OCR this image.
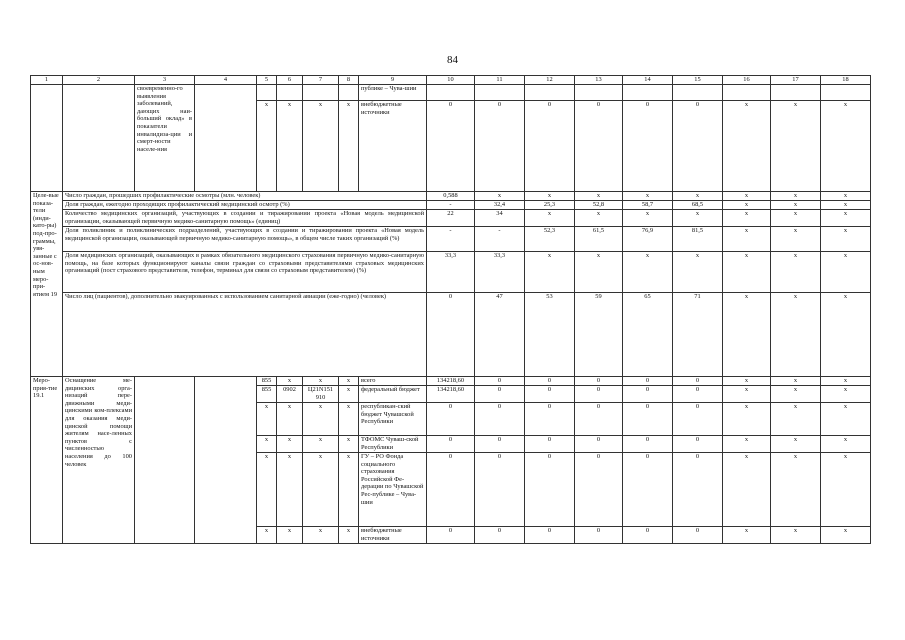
84
1	2	3	4	5	6	7	8	9	10	11	12	13	14	15	16	17	18
		своевременно-го выявления заболеваний, дающих наи-больший оклад» в показатели инвалидиза-ции и смерт-ности населе-ния						публике – Чува-шии									
				x	x	x	x	внебюджетные источники	0	0	0	0	0	0	x	x	x
Целе-вые показа-тели (инди-като-ры) под-про-граммы, увя-занные с ос-нов-ным меро-при-ятием 19	Число граждан, прошедших профилактические осмотры (млн. человек)								0,588	x	x	x	x	x	x	x	x
	Доля граждан, ежегодно проходящих профилактический медицинский осмотр (%)								-	32,4	25,3	52,8	58,7	68,5	x	x	x
	Количество медицинских организаций, участвующих в создании и тиражировании проекта «Новая модель медицинской организации, оказывающей первичную медико-санитарную помощь» (единиц)								22	34	x	x	x	x	x	x	x
	Доля поликлиник и поликлинических подразделений, участвующих в создании и тиражировании проекта «Новая модель медицинской организации, оказывающей первичную медико-санитарную помощь», в общем числе таких организаций (%)								-	-	52,3	61,5	76,9	81,5	x	x	x
	Доля медицинских организаций, оказывающих в рамках обязательного медицинского страхования первичную медико-санитарную помощь, на базе которых функционируют каналы связи граждан со страховыми представителями страховых медицинских организаций (пост страхового представителя, телефон, терминал для связи со страховым представителем) (%)								33,3	33,3	x	x	x	x	x	x	x
	Число лиц (пациентов), дополнительно эвакуированных с использованием санитарной авиации (еже-годно) (человек)								0	47	53	59	65	71	x	x	x
Меро-прия-тие 19.1	Оснащение ме-дицинских орга-низаций пере-движными меди-цинскими ком-плексами для оказания меди-цинской помощи жителям насе-ленных пунктов с численностью населения до 100 человек			855	x	x	x	всего	134218,60	0	0	0	0	0	x	x	x
				855	0902	Ц21N151 910	x	федеральный бюджет	134218,60	0	0	0	0	0	x	x	x
				x	x	x	x	республикан-ский бюджет Чувашской Республики	0	0	0	0	0	0	x	x	x
				x	x	x	x	ТФОМС Чуваш-ской Республики	0	0	0	0	0	0	x	x	x
				x	x	x	x	ГУ – РО Фонда социального страхования Российской Фе-дерации по Чувашской Рес-публике – Чува-шии	0	0	0	0	0	0	x	x	x
				x	x	x	x	внебюджетные источники	0	0	0	0	0	0	x	x	x
